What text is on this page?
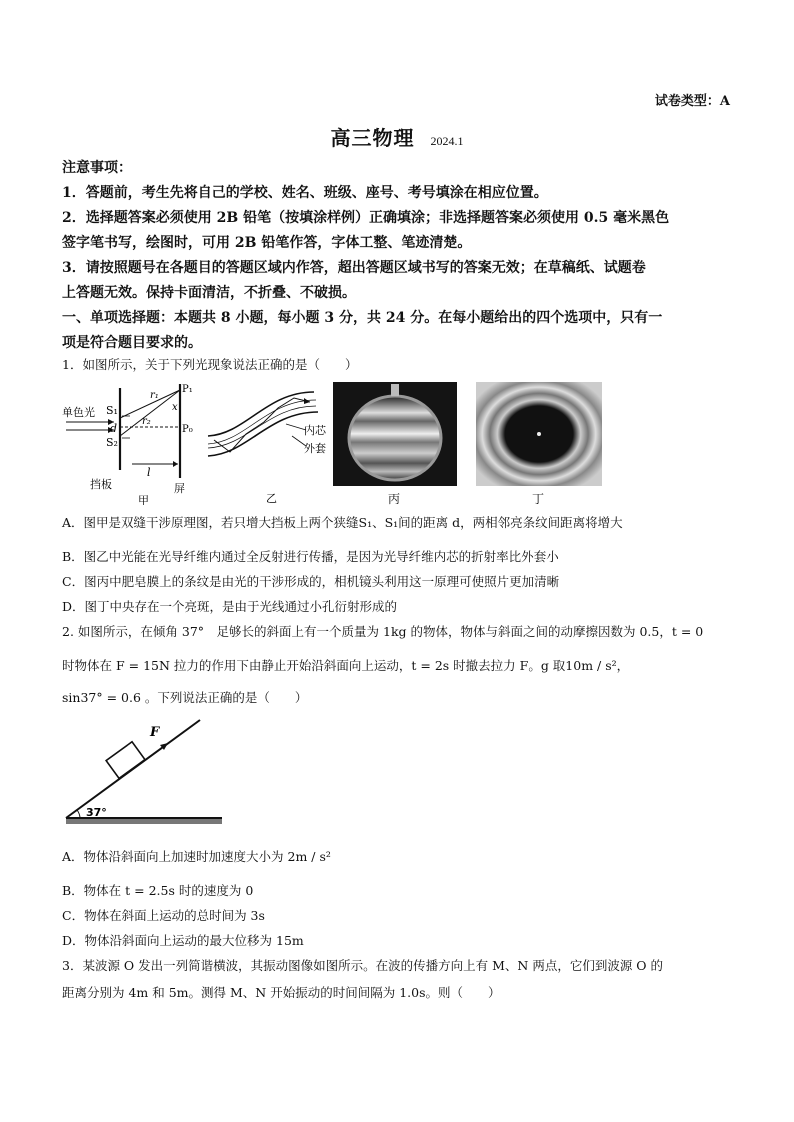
试卷类型：A
高三物理 2024.1

注意事项：

1．答题前，考生先将自己的学校、姓名、班级、座号、考号填涂在相应位置。

2．选择题答案必须使用 2B 铅笔（按填涂样例）正确填涂；非选择题答案必须使用 0.5 毫米黑色

签字笔书写，绘图时，可用 2B 铅笔作答，字体工整、笔迹清楚。

3．请按照题号在各题目的答题区域内作答，超出答题区域书写的答案无效；在草稿纸、试题卷

上答题无效。保持卡面清洁，不折叠、不破损。

一、单项选择题：本题共 8 小题，每小题 3 分，共 24 分。在每小题给出的四个选项中，只有一

项是符合题目要求的。

1．如图所示，关于下列光现象说法正确的是（　　）
单色光 S₁
S₂
d
l
P₁
P₀
x
r₁
r₂
挡板	屏
甲
内芯
外套
乙	丙	丁
A．图甲是双缝干涉原理图，若只增大挡板上两个狭缝S₁、S₁间的距离 d，两相邻亮条纹间距离将增大
B．图乙中光能在光导纤维内通过全反射进行传播，是因为光导纤维内芯的折射率比外套小
C．图丙中肥皂膜上的条纹是由光的干涉形成的，相机镜头利用这一原理可使照片更加清晰
D．图丁中央存在一个亮斑，是由于光线通过小孔衍射形成的
2. 如图所示，在倾角 37°　足够长的斜面上有一个质量为 1kg 的物体，物体与斜面之间的动摩擦因数为 0.5，t = 0
时物体在 F = 15N 拉力的作用下由静止开始沿斜面向上运动，t = 2s 时撤去拉力 F。g 取10m / s²，
sin37° = 0.6 。下列说法正确的是（　　）
F
37°
A．物体沿斜面向上加速时加速度大小为 2m / s²
B．物体在 t = 2.5s 时的速度为 0
C．物体在斜面上运动的总时间为 3s
D．物体沿斜面向上运动的最大位移为 15m
3．某波源 O 发出一列简谐横波，其振动图像如图所示。在波的传播方向上有 M、N 两点，它们到波源 O 的
距离分别为 4m 和 5m。测得 M、N 开始振动的时间间隔为 1.0s。则（　　）
